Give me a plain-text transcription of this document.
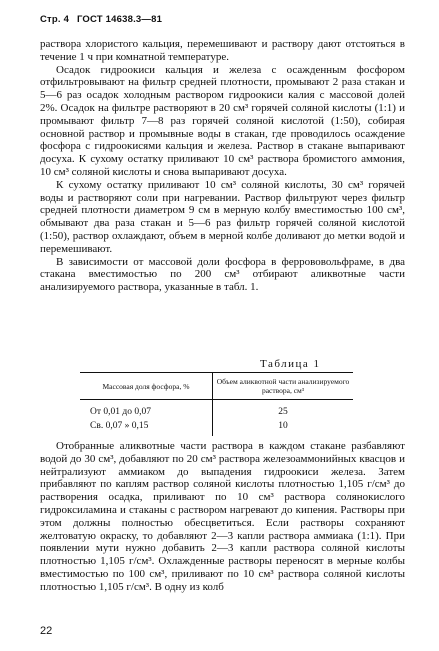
Стр. 4 ГОСТ 14638.3—81

раствора хлористого кальция, перемешивают и раствору дают отстояться в течение 1 ч при комнатной температуре.

Осадок гидроокиси кальция и железа с осажденным фосфором отфильтровывают на фильтр средней плотности, промывают 2 раза стакан и 5—6 раз осадок холодным раствором гидроокиси калия с массовой долей 2%. Осадок на фильтре растворяют в 20 см³ горячей соляной кислоты (1:1) и промывают фильтр 7—8 раз горячей соляной кислотой (1:50), собирая основной раствор и промывные воды в стакан, где проводилось осаждение фосфора с гидроокисями кальция и железа. Раствор в стакане выпаривают досуха. К сухому остатку приливают 10 см³ раствора бромистого аммония, 10 см³ соляной кислоты и снова выпаривают досуха.

К сухому остатку приливают 10 см³ соляной кислоты, 30 см³ горячей воды и растворяют соли при нагревании. Раствор фильтруют через фильтр средней плотности диаметром 9 см в мерную колбу вместимостью 100 см³, обмывают два раза стакан и 5—6 раз фильтр горячей соляной кислотой (1:50), раствор охлаждают, объем в мерной колбе доливают до метки водой и перемешивают.

В зависимости от массовой доли фосфора в феррововольфраме, в два стакана вместимостью по 200 см³ отбирают аликвотные части анализируемого раствора, указанные в табл. 1.

Таблица 1
Массовая доля фосфора, %	Объем аликвотной части анализируемого раствора, см³
От 0,01 до 0,07	25
Св. 0,07 » 0,15	10

Отобранные аликвотные части раствора в каждом стакане разбавляют водой до 30 см³, добавляют по 20 см³ раствора железоаммонийных квасцов и нейтрализуют аммиаком до выпадения гидроокиси железа. Затем прибавляют по каплям раствор соляной кислоты плотностью 1,105 г/см³ до растворения осадка, приливают по 10 см³ раствора солянокислого гидроксиламина и стаканы с раствором нагревают до кипения. Растворы при этом должны полностью обесцветиться. Если растворы сохраняют желтоватую окраску, то добавляют 2—3 капли раствора аммиака (1:1). При появлении мути нужно добавить 2—3 капли раствора соляной кислоты плотностью 1,105 г/см³. Охлажденные растворы переносят в мерные колбы вместимостью по 100 см³, приливают по 10 см³ раствора соляной кислоты плотностью 1,105 г/см³. В одну из колб

22
